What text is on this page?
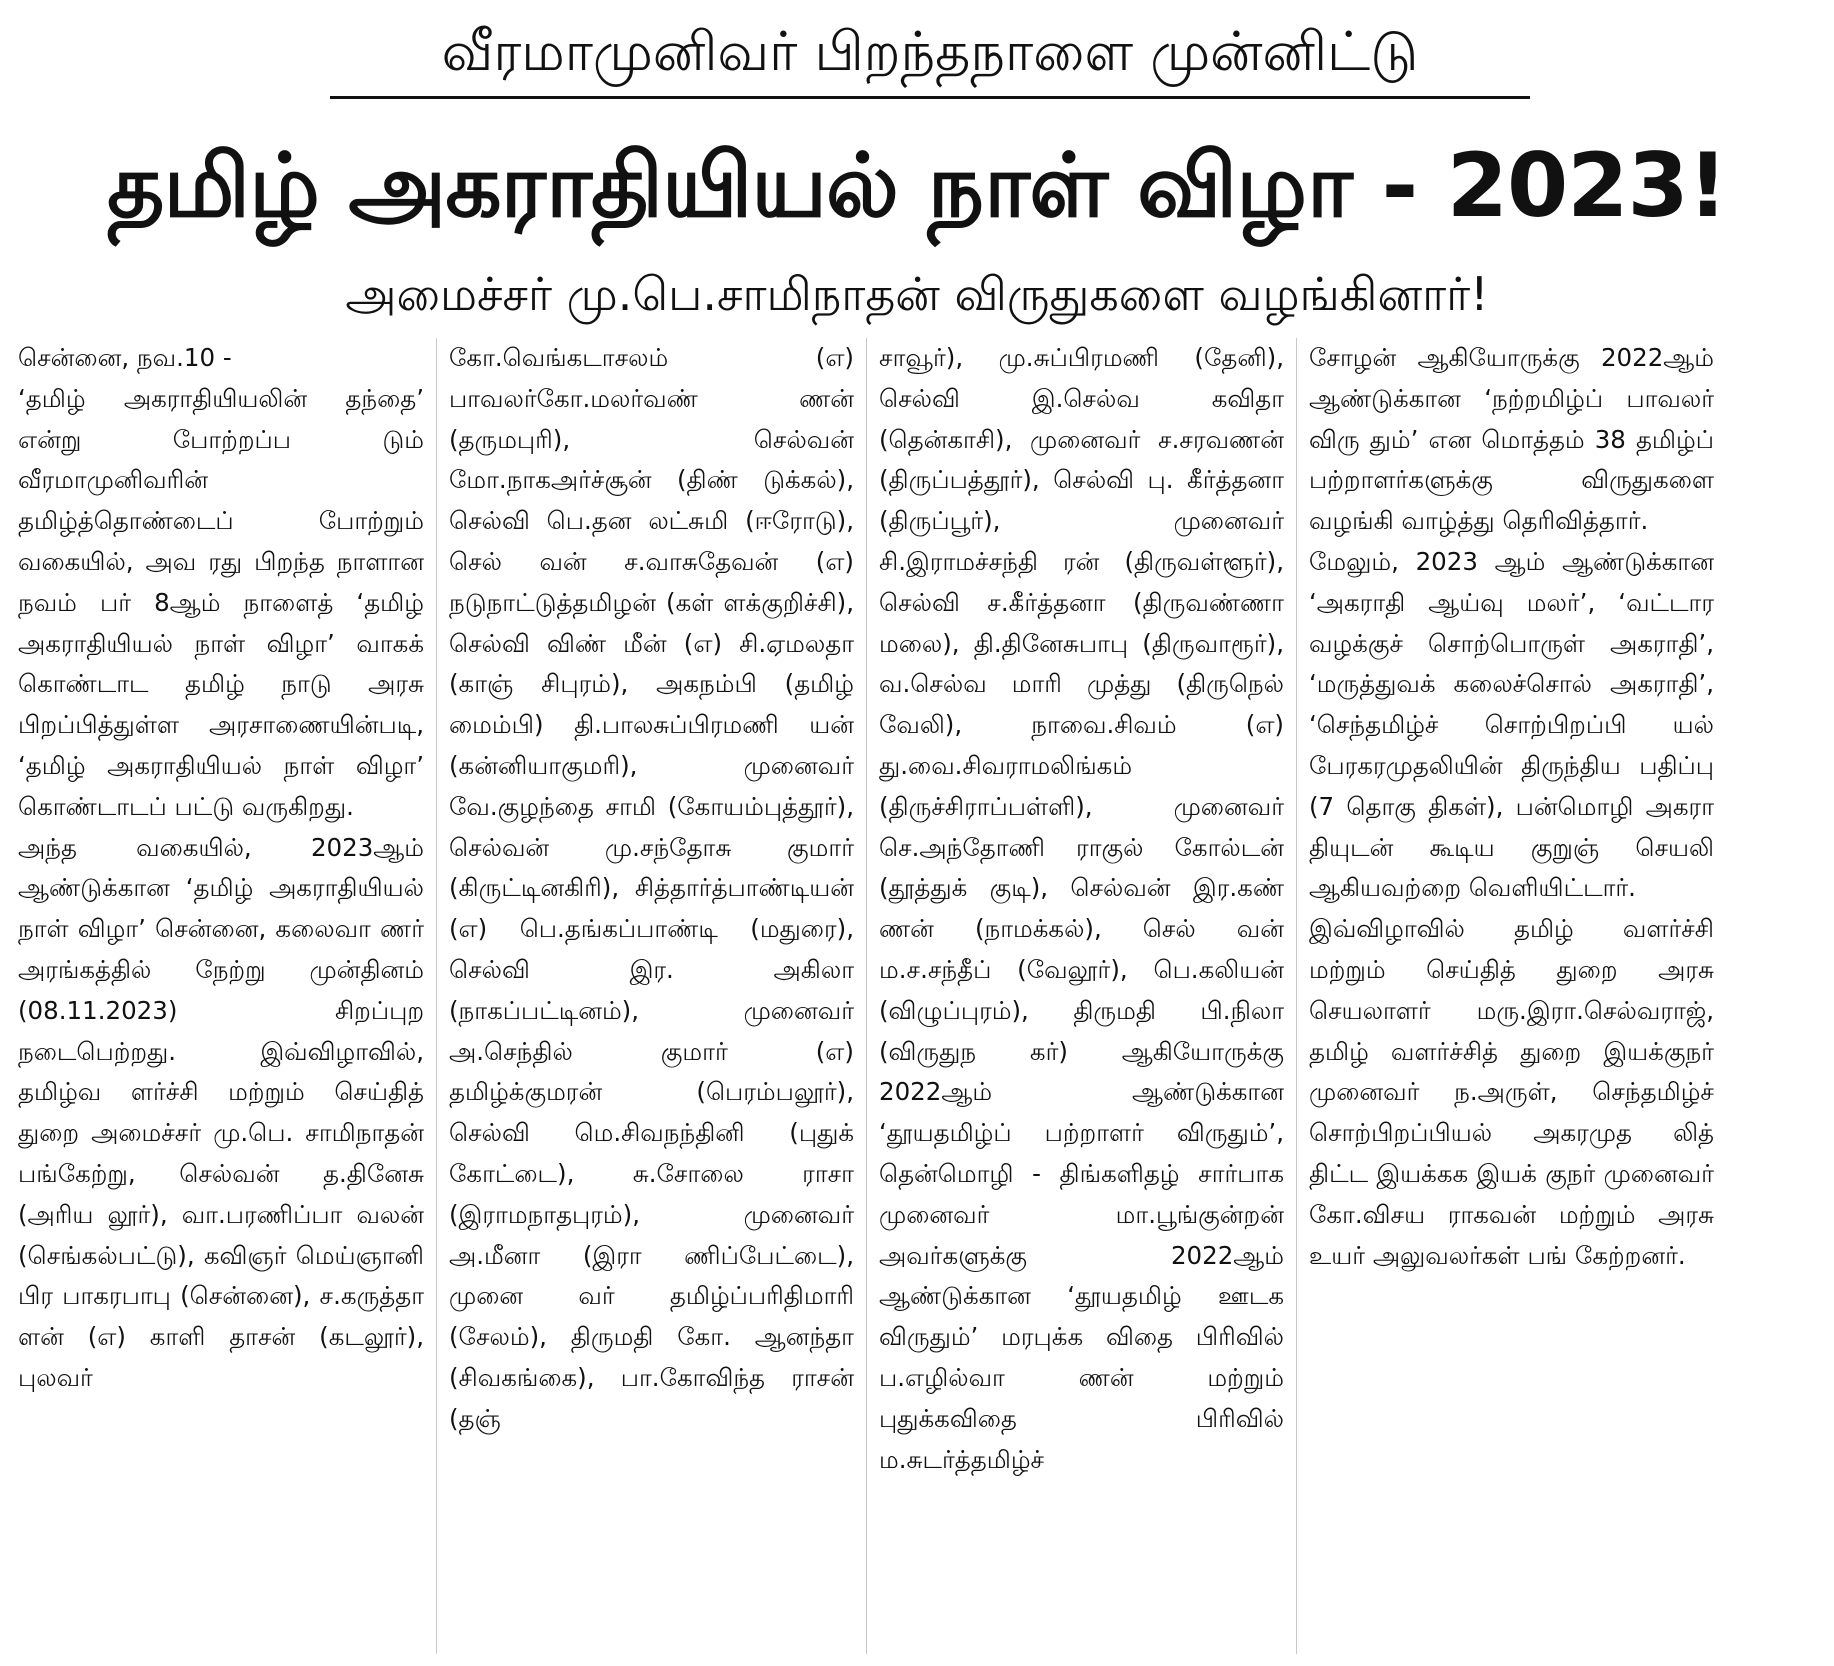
வீரமாமுனிவர் பிறந்தநாளை முன்னிட்டு
தமிழ் அகராதியியல் நாள் விழா - 2023!
அமைச்சர் மு.பெ.சாமிநாதன் விருதுகளை வழங்கினார்!
சென்னை, நவ.10 -
‘தமிழ் அகராதியியலின் தந்தை’ என்று போற்றப்ப டும் வீரமாமுனிவரின் தமிழ்த்தொண்டைப் போற்றும் வகையில், அவ ரது பிறந்த நாளான நவம் பர் 8ஆம் நாளைத் ‘தமிழ் அகராதியியல் நாள் விழா’ வாகக் கொண்டாட தமிழ் நாடு அரசு பிறப்பித்துள்ள அரசாணையின்படி, ‘தமிழ் அகராதியியல் நாள் விழா’ கொண்டாடப் பட்டு வருகிறது.
அந்த வகையில், 2023ஆம் ஆண்டுக்கான ‘தமிழ் அகராதியியல் நாள் விழா’ சென்னை, கலைவா ணர் அரங்கத்தில் நேற்று முன்தினம் (08.11.2023) சிறப்புற நடைபெற்றது. இவ்விழாவில், தமிழ்வ ளர்ச்சி மற்றும் செய்தித் துறை அமைச்சர் மு.பெ. சாமிநாதன் பங்கேற்று, செல்வன் த.தினேசு (அரிய லூர்), வா.பரணிப்பா வலன் (செங்கல்பட்டு), கவிஞர் மெய்ஞானி பிர பாகரபாபு (சென்னை), ச.கருத்தா ளன் (எ) காளி தாசன் (கடலூர்), புலவர்
கோ.வெங்கடாசலம் (எ) பாவலர்கோ.மலர்வண் ணன் (தருமபுரி), செல்வன் மோ.நாகஅர்ச்சூன் (திண் டுக்கல்), செல்வி பெ.தன லட்சுமி (ஈரோடு), செல் வன் ச.வாசுதேவன் (எ) நடுநாட்டுத்தமிழன் (கள் ளக்குறிச்சி), செல்வி விண் மீன் (எ) சி.ஏமலதா (காஞ் சிபுரம்), அகநம்பி (தமிழ் மைம்பி) தி.பாலசுப்பிரமணி யன் (கன்னியாகுமரி), முனைவர் வே.குழந்தை சாமி (கோயம்புத்தூர்), செல்வன் மு.சந்தோசு குமார் (கிருட்டினகிரி), சித்தார்த்பாண்டியன் (எ) பெ.தங்கப்பாண்டி (மதுரை), செல்வி இர. அகிலா (நாகப்பட்டினம்), முனைவர் அ.செந்தில் குமார் (எ) தமிழ்க்குமரன் (பெரம்பலூர்), செல்வி மெ.சிவநந்தினி (புதுக் கோட்டை), சு.சோலை ராசா (இராமநாதபுரம்), முனைவர் அ.மீனா (இரா ணிப்பேட்டை), முனை வர் தமிழ்ப்பரிதிமாரி (சேலம்), திருமதி கோ. ஆனந்தா (சிவகங்கை), பா.கோவிந்த ராசன் (தஞ்
சாவூர்), மு.சுப்பிரமணி (தேனி), செல்வி இ.செல்வ கவிதா (தென்காசி), முனைவர் ச.சரவணன் (திருப்பத்தூர்), செல்வி பு. கீர்த்தனா (திருப்பூர்), முனைவர் சி.இராமச்சந்தி ரன் (திருவள்ளூர்), செல்வி ச.கீர்த்தனா (திருவண்ணா மலை), தி.தினேசுபாபு (திருவாரூர்), வ.செல்வ மாரி முத்து (திருநெல் வேலி), நாவை.சிவம் (எ) து.வை.சிவராமலிங்கம் (திருச்சிராப்பள்ளி), முனைவர் செ.அந்தோணி ராகுல் கோல்டன் (தூத்துக் குடி), செல்வன் இர.கண் ணன் (நாமக்கல்), செல் வன் ம.ச.சந்தீப் (வேலூர்), பெ.கலியன் (விழுப்புரம்), திருமதி பி.நிலா (விருதுந கர்) ஆகியோருக்கு 2022ஆம் ஆண்டுக்கான ‘தூயதமிழ்ப் பற்றாளர் விருதும்’, தென்மொழி - திங்களிதழ் சார்பாக முனைவர் மா.பூங்குன்றன் அவர்களுக்கு 2022ஆம் ஆண்டுக்கான ‘தூயதமிழ் ஊடக விருதும்’ மரபுக்க விதை பிரிவில் ப.எழில்வா ணன் மற்றும் புதுக்கவிதை பிரிவில் ம.சுடர்த்தமிழ்ச்
சோழன் ஆகியோருக்கு 2022ஆம் ஆண்டுக்கான ‘நற்றமிழ்ப் பாவலர் விரு தும்’ என மொத்தம் 38 தமிழ்ப் பற்றாளர்களுக்கு விருதுகளை வழங்கி வாழ்த்து தெரிவித்தார்.
மேலும், 2023 ஆம் ஆண்டுக்கான ‘அகராதி ஆய்வு மலர்’, ‘வட்டார வழக்குச் சொற்பொருள் அகராதி’, ‘மருத்துவக் கலைச்சொல் அகராதி’, ‘செந்தமிழ்ச் சொற்பிறப்பி யல் பேரகரமுதலியின் திருந்திய பதிப்பு (7 தொகு திகள்), பன்மொழி அகரா தியுடன் கூடிய குறுஞ் செயலி ஆகியவற்றை வெளியிட்டார்.
இவ்விழாவில் தமிழ் வளர்ச்சி மற்றும் செய்தித் துறை அரசு செயலாளர் மரு.இரா.செல்வராஜ், தமிழ் வளர்ச்சித் துறை இயக்குநர் முனைவர் ந.அருள், செந்தமிழ்ச் சொற்பிறப்பியல் அகரமுத லித் திட்ட இயக்கக இயக் குநர் முனைவர் கோ.விசய ராகவன் மற்றும் அரசு உயர் அலுவலர்கள் பங் கேற்றனர்.
